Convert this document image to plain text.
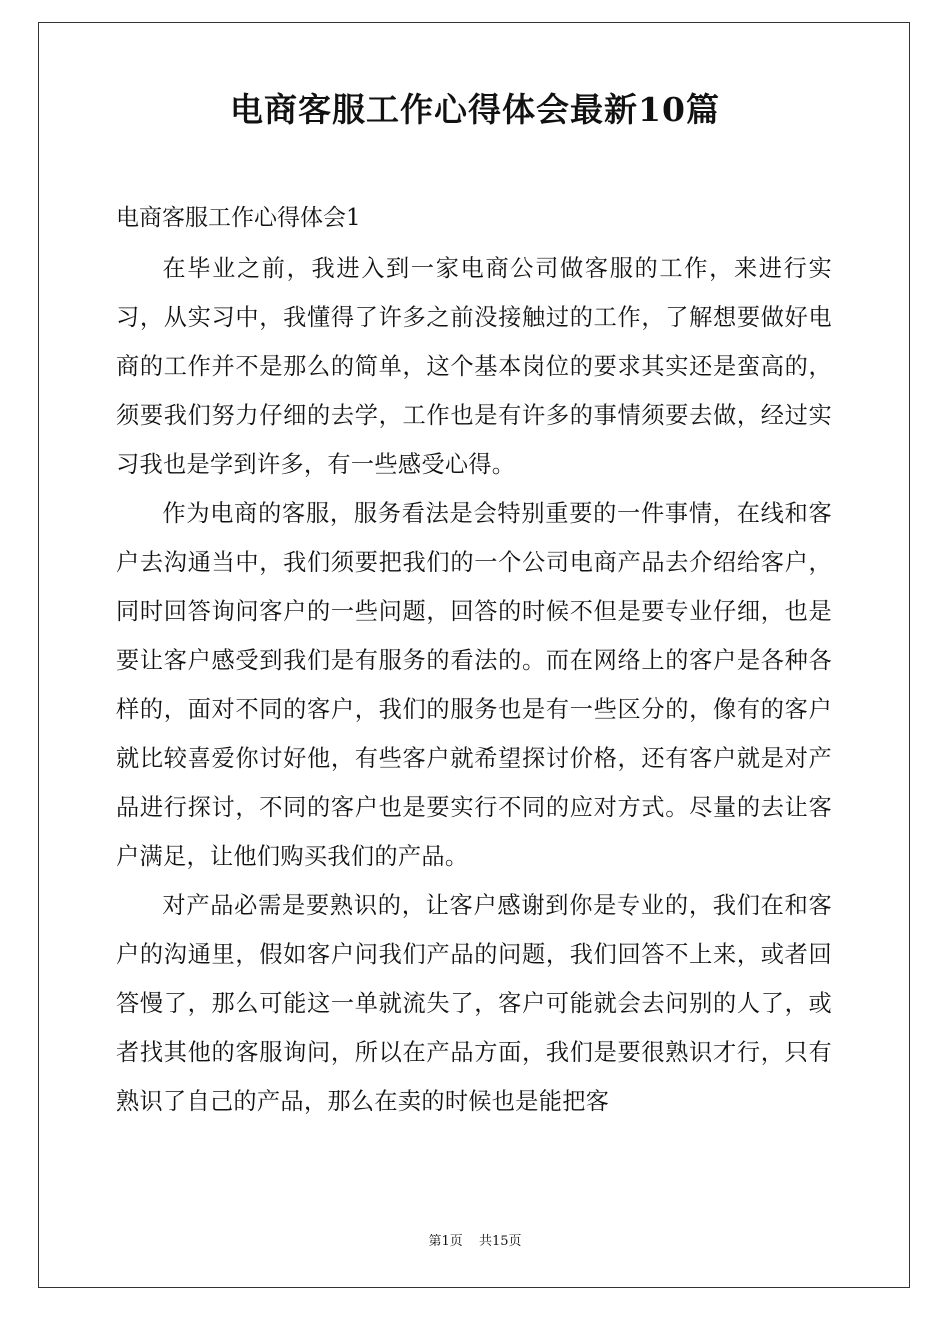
电商客服工作心得体会最新10篇
电商客服工作心得体会1

在毕业之前，我进入到一家电商公司做客服的工作，来进行实习，从实习中，我懂得了许多之前没接触过的工作，了解想要做好电商的工作并不是那么的简单，这个基本岗位的要求其实还是蛮高的，须要我们努力仔细的去学，工作也是有许多的事情须要去做，经过实习我也是学到许多，有一些感受心得。

作为电商的客服，服务看法是会特别重要的一件事情，在线和客户去沟通当中，我们须要把我们的一个公司电商产品去介绍给客户，同时回答询问客户的一些问题，回答的时候不但是要专业仔细，也是要让客户感受到我们是有服务的看法的。而在网络上的客户是各种各样的，面对不同的客户，我们的服务也是有一些区分的，像有的客户就比较喜爱你讨好他，有些客户就希望探讨价格，还有客户就是对产品进行探讨，不同的客户也是要实行不同的应对方式。尽量的去让客户满足，让他们购买我们的产品。

对产品必需是要熟识的，让客户感谢到你是专业的，我们在和客户的沟通里，假如客户问我们产品的问题，我们回答不上来，或者回答慢了，那么可能这一单就流失了，客户可能就会去问别的人了，或者找其他的客服询问，所以在产品方面，我们是要很熟识才行，只有熟识了自己的产品，那么在卖的时候也是能把客

第1页 共15页
